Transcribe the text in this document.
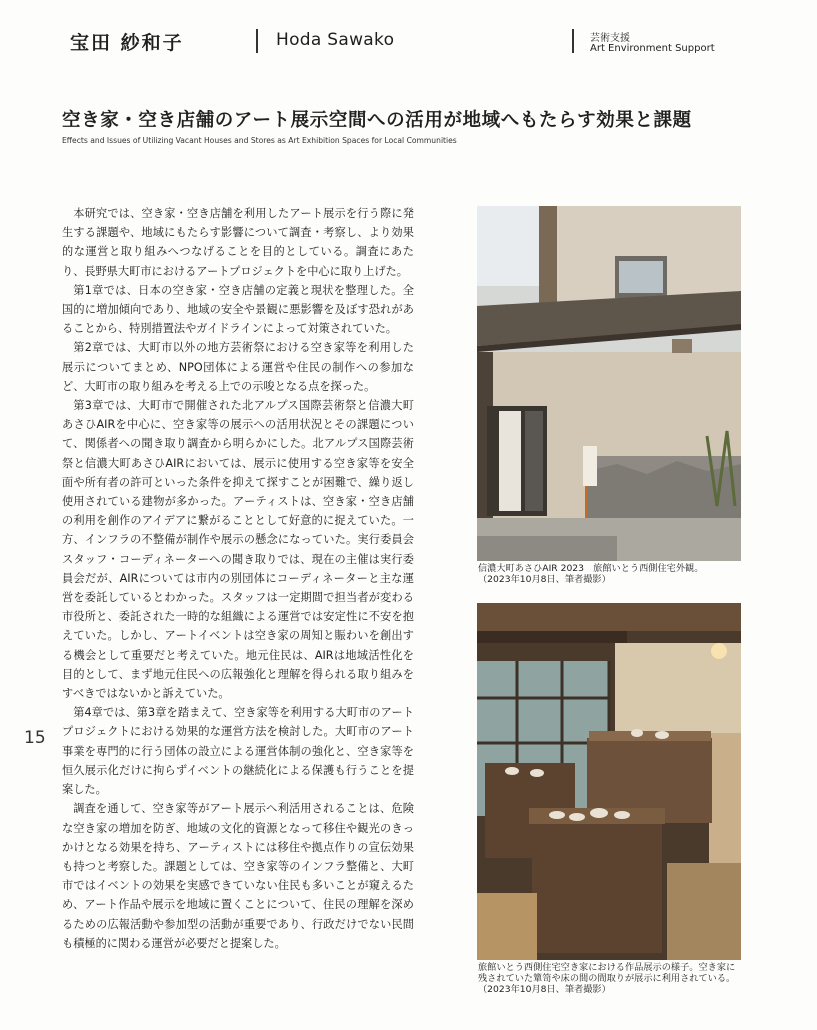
宝田 紗和子	Hoda Sawako	芸術支援
Art Environment Support
空き家・空き店舗のアート展示空間への活用が地域へもたらす効果と課題
Effects and Issues of Utilizing Vacant Houses and Stores as Art Exhibition Spaces for Local Communities

本研究では、空き家・空き店舗を利用したアート展示を行う際に発生する課題や、地域にもたらす影響について調査・考察し、より効果的な運営と取り組みへつなげることを目的としている。調査にあたり、長野県大町市におけるアートプロジェクトを中心に取り上げた。

第1章では、日本の空き家・空き店舗の定義と現状を整理した。全国的に増加傾向であり、地域の安全や景観に悪影響を及ぼす恐れがあることから、特別措置法やガイドラインによって対策されていた。

第2章では、大町市以外の地方芸術祭における空き家等を利用した展示についてまとめ、NPO団体による運営や住民の制作への参加など、大町市の取り組みを考える上での示唆となる点を探った。

第3章では、大町市で開催された北アルプス国際芸術祭と信濃大町あさひAIRを中心に、空き家等の展示への活用状況とその課題について、関係者への聞き取り調査から明らかにした。北アルプス国際芸術祭と信濃大町あさひAIRにおいては、展示に使用する空き家等を安全面や所有者の許可といった条件を抑えて探すことが困難で、繰り返し使用されている建物が多かった。アーティストは、空き家・空き店舗の利用を創作のアイデアに繋がることとして好意的に捉えていた。一方、インフラの不整備が制作や展示の懸念になっていた。実行委員会スタッフ・コーディネーターへの聞き取りでは、現在の主催は実行委員会だが、AIRについては市内の別団体にコーディネーターと主な運営を委託しているとわかった。スタッフは一定期間で担当者が変わる市役所と、委託された一時的な組織による運営では安定性に不安を抱えていた。しかし、アートイベントは空き家の周知と賑わいを創出する機会として重要だと考えていた。地元住民は、AIRは地域活性化を目的として、まず地元住民への広報強化と理解を得られる取り組みをすべきではないかと訴えていた。

第4章では、第3章を踏まえて、空き家等を利用する大町市のアートプロジェクトにおける効果的な運営方法を検討した。大町市のアート事業を専門的に行う団体の設立による運営体制の強化と、空き家等を恒久展示化だけに拘らずイベントの継続化による保護も行うことを提案した。

調査を通して、空き家等がアート展示へ利活用されることは、危険な空き家の増加を防ぎ、地域の文化的資源となって移住や観光のきっかけとなる効果を持ち、アーティストには移住や拠点作りの宣伝効果も持つと考察した。課題としては、空き家等のインフラ整備と、大町市ではイベントの効果を実感できていない住民も多いことが窺えるため、アート作品や展示を地域に置くことについて、住民の理解を深めるための広報活動や参加型の活動が重要であり、行政だけでない民間も積極的に関わる運営が必要だと提案した。

15
信濃大町あさひAIR 2023　旅館いとう西側住宅外観。
（2023年10月8日、筆者撮影）
旅館いとう西側住宅空き家における作品展示の様子。空き家に
残されていた簞笥や床の間の間取りが展示に利用されている。
（2023年10月8日、筆者撮影）
